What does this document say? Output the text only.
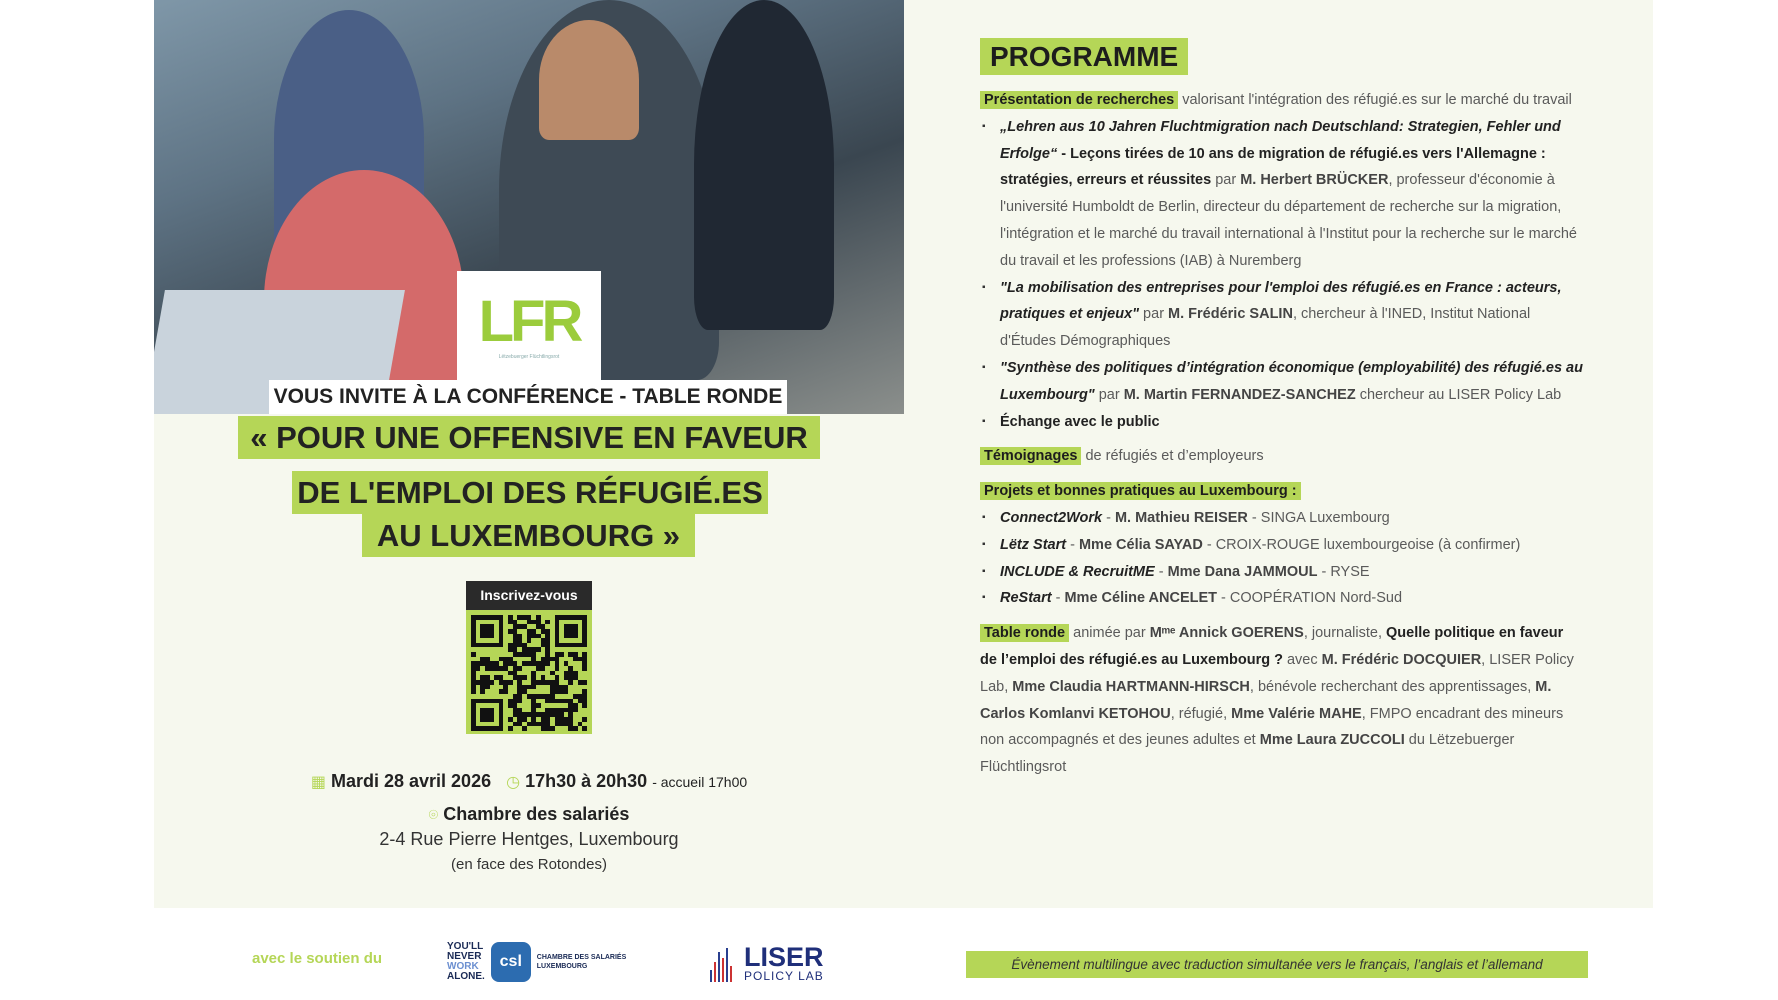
LFR
Lëtzebuerger Flüchtlingsrot
VOUS INVITE À LA CONFÉRENCE - TABLE RONDE
« POUR UNE OFFENSIVE EN FAVEUR
DE L'EMPLOI DES RÉFUGIÉ.ES
AU LUXEMBOURG »
Inscrivez-vous
▦ Mardi 28 avril 2026 ◷ 17h30 à 20h30 - accueil 17h00
⌾ Chambre des salariés
2-4 Rue Pierre Hentges, Luxembourg
(en face des Rotondes)
PROGRAMME
Présentation de recherches valorisant l'intégration des réfugié.es sur le marché du travail
▪ „Lehren aus 10 Jahren Fluchtmigration nach Deutschland: Strategien, Fehler und Erfolge“ - Leçons tirées de 10 ans de migration de réfugié.es vers l'Allemagne : stratégies, erreurs et réussites par M. Herbert BRÜCKER, professeur d'économie à l'université Humboldt de Berlin, directeur du département de recherche sur la migration, l'intégration et le marché du travail international à l'Institut pour la recherche sur le marché du travail et les professions (IAB) à Nuremberg
▪ "La mobilisation des entreprises pour l'emploi des réfugié.es en France : acteurs, pratiques et enjeux" par M. Frédéric SALIN, chercheur à l'INED, Institut National d'Études Démographiques
▪ "Synthèse des politiques d’intégration économique (employabilité) des réfugié.es au Luxembourg" par M. Martin FERNANDEZ-SANCHEZ chercheur au LISER Policy Lab
▪ Échange avec le public
Témoignages de réfugiés et d’employeurs
Projets et bonnes pratiques au Luxembourg :
▪ Connect2Work - M. Mathieu REISER - SINGA Luxembourg
▪ Lëtz Start - Mme Célia SAYAD - CROIX-ROUGE luxembourgeoise (à confirmer)
▪ INCLUDE & RecruitME - Mme Dana JAMMOUL - RYSE
▪ ReStart - Mme Céline ANCELET - COOPÉRATION Nord-Sud
Table ronde animée par Mᵐᵉ Annick GOERENS, journaliste, Quelle politique en faveur de l’emploi des réfugié.es au Luxembourg ? avec M. Frédéric DOCQUIER, LISER Policy Lab, Mme Claudia HARTMANN-HIRSCH, bénévole recherchant des apprentissages, M. Carlos Komlanvi KETOHOU, réfugié, Mme Valérie MAHE, FMPO encadrant des mineurs non accompagnés et des jeunes adultes et Mme Laura ZUCCOLI du Lëtzebuerger Flüchtlingsrot
avec le soutien du
YOU'LL
NEVER
WORK
ALONE.
csl	CHAMBRE DES SALARIÉS
LUXEMBOURG	LISER
POLICY LAB
Évènement multilingue avec traduction simultanée vers le français, l’anglais et l’allemand
